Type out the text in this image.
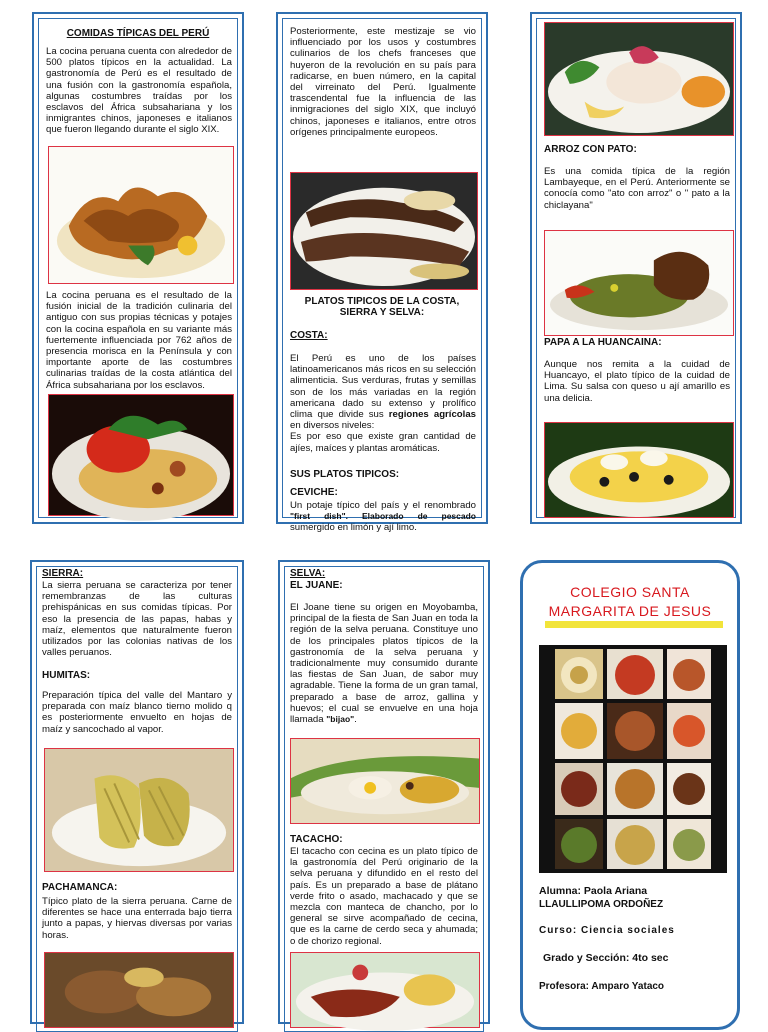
COMIDAS TÍPICAS DEL PERÚ

La cocina peruana cuenta con alrededor de 500 platos típicos en la actualidad. La gastronomía de Perú es el resultado de una fusión con la gastronomía española, algunas costumbres traídas por los esclavos del África subsahariana y los inmigrantes chinos, japoneses e italianos que fueron llegando durante el siglo XIX.

La cocina peruana es el resultado de la fusión inicial de la tradición culinaria del antiguo con sus propias técnicas y potajes con la cocina española en su variante más fuertemente influenciada por 762 años de presencia morisca en la Península y con importante aporte de las costumbres culinarias traídas de la costa atlántica del África subsahariana por los esclavos.

Posteriormente, este mestizaje se vio influenciado por los usos y costumbres culinarios de los chefs franceses que huyeron de la revolución en su país para radicarse, en buen número, en la capital del virreinato del Perú. Igualmente trascendental fue la influencia de las inmigraciones del siglo XIX, que incluyó chinos, japoneses e italianos, entre otros orígenes principalmente europeos.

PLATOS TIPICOS DE LA COSTA, SIERRA Y SELVA:
COSTA:

El Perú es uno de los países latinoamericanos más ricos en su selección alimenticia. Sus verduras, frutas y semillas son de los más variadas en la región americana dado su extenso y prolífico clima que divide sus regiones agrícolas en diversos niveles:
Es por eso que existe gran cantidad de ajíes, maíces y plantas aromáticas.

SUS PLATOS TIPICOS:
CEVICHE:

Un potaje típico del país y el renombrado "first dish". Elaborado de pescado sumergido en limón y ají limo.

ARROZ CON PATO:

Es una comida típica de la región Lambayeque, en el Perú. Anteriormente se conocía como "ato con arroz" o " pato a la chiclayana"

PAPA A LA HUANCAINA:

Aunque nos remita a la cuidad de Huancayo, el plato típico de la cuidad de Lima. Su salsa con queso u ají amarillo es una delicia.

SIERRA:

La sierra peruana se caracteriza por tener remembranzas de las culturas prehispánicas en sus comidas típicas. Por eso la presencia de las papas, habas y maíz, elementos que naturalmente fueron utilizados por las colonias nativas de los valles peruanos.

HUMITAS:

Preparación típica del valle del Mantaro y preparada con maíz blanco tierno molido q es posteriormente envuelto en hojas de maíz y sancochado al vapor.

PACHAMANCA:

Típico plato de la sierra peruana. Carne de diferentes se hace una enterrada bajo tierra junto a papas, y hiervas diversas por varias horas.

SELVA:
EL JUANE:

El Joane tiene su origen en Moyobamba, principal de la fiesta de San Juan en toda la región de la selva peruana. Constituye uno de los principales platos típicos de la gastronomía de la selva peruana y tradicionalmente muy consumido durante las fiestas de San Juan, de sabor muy agradable. Tiene la forma de un gran tamal, preparado a base de arroz, gallina y huevos; el cual se envuelve en una hoja llamada "bijao".

TACACHO:

El tacacho con cecina es un plato típico de la gastronomía del Perú originario de la selva peruana y difundido en el resto del país. Es un preparado a base de plátano verde frito o asado, machacado y que se mezcla con manteca de chancho, por lo general se sirve acompañado de cecina, que es la carne de cerdo seca y ahumada; o de chorizo regional.

COLEGIO SANTA
MARGARITA DE JESUS
Alumna: Paola Ariana
LLAULLIPOMA ORDOÑEZ
Curso: Ciencia sociales
Grado y Sección: 4to sec
Profesora: Amparo Yataco
